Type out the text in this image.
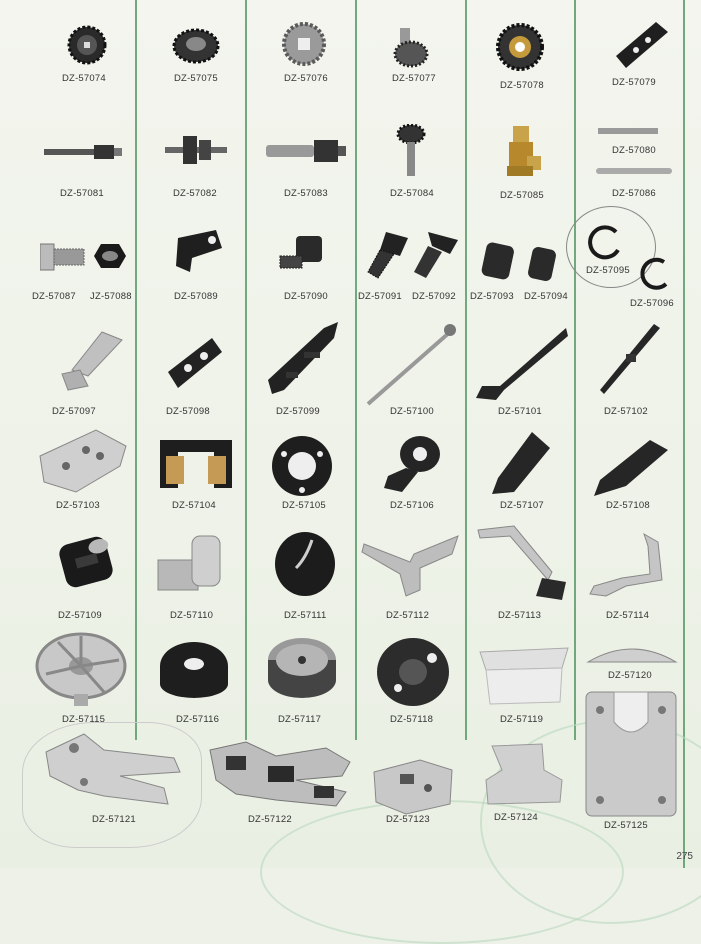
DZ-57074	DZ-57075	DZ-57076	DZ-57077
DZ-57078	DZ-57079
DZ-57081	DZ-57082	DZ-57083	DZ-57084	DZ-57085
DZ-57080
DZ-57086
DZ-57087 JZ-57088	DZ-57089	DZ-57090	DZ-57091 DZ-57092 DZ-57093 DZ-57094
DZ-57095
DZ-57096
DZ-57097	DZ-57098	DZ-57099	DZ-57100	DZ-57101	DZ-57102
DZ-57103	DZ-57104	DZ-57105	DZ-57106	DZ-57107	DZ-57108
DZ-57109	DZ-57110	DZ-57111	DZ-57112	DZ-57113	DZ-57114
DZ-57115	DZ-57116	DZ-57117	DZ-57118	DZ-57119
DZ-57120
DZ-57121	DZ-57122	DZ-57123	DZ-57124
DZ-57125
275
